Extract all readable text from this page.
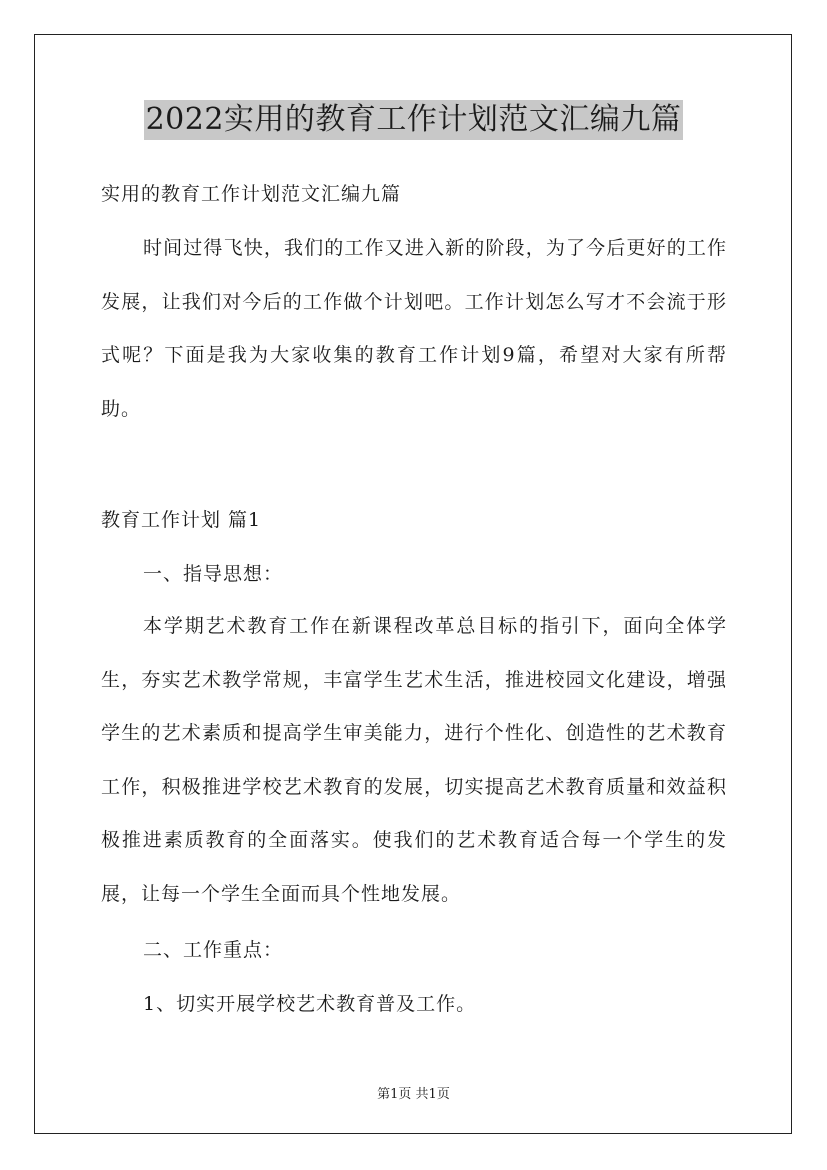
2022实用的教育工作计划范文汇编九篇
实用的教育工作计划范文汇编九篇
时间过得飞快，我们的工作又进入新的阶段，为了今后更好的工作发展，让我们对今后的工作做个计划吧。工作计划怎么写才不会流于形式呢？下面是我为大家收集的教育工作计划9篇，希望对大家有所帮助。
教育工作计划 篇1
一、指导思想：
本学期艺术教育工作在新课程改革总目标的指引下，面向全体学生，夯实艺术教学常规，丰富学生艺术生活，推进校园文化建设，增强学生的艺术素质和提高学生审美能力，进行个性化、创造性的艺术教育工作，积极推进学校艺术教育的发展，切实提高艺术教育质量和效益积极推进素质教育的全面落实。使我们的艺术教育适合每一个学生的发展，让每一个学生全面而具个性地发展。
二、工作重点：
1、切实开展学校艺术教育普及工作。
第1页 共1页
